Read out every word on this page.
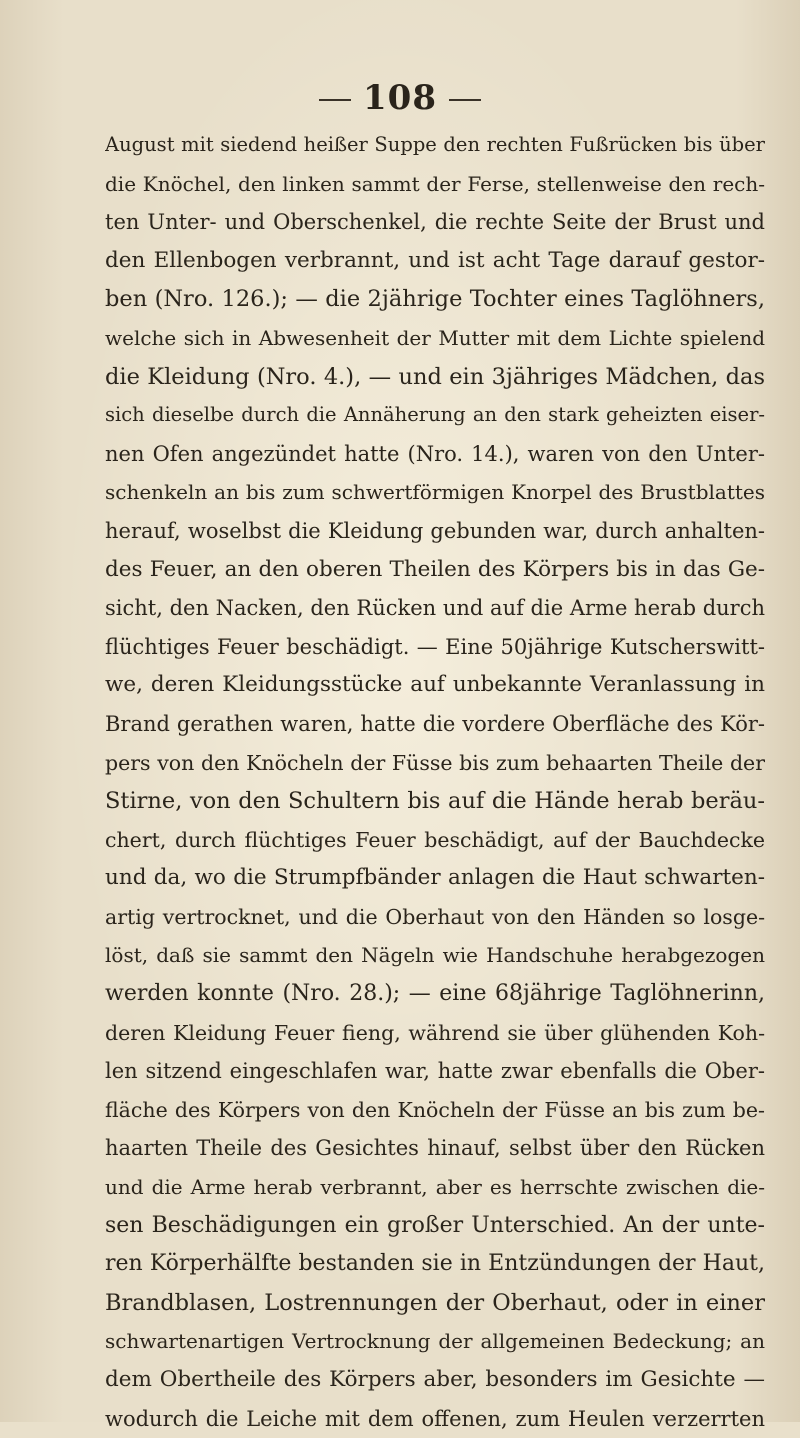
108
August mit siedend heißer Suppe den rechten Fußrücken bis über
die Knöchel, den linken sammt der Ferse, stellenweise den rech-
ten Unter- und Oberschenkel, die rechte Seite der Brust und
den Ellenbogen verbrannt, und ist acht Tage darauf gestor-
ben (Nro. 126.); — die 2jährige Tochter eines Taglöhners,
welche sich in Abwesenheit der Mutter mit dem Lichte spielend
die Kleidung (Nro. 4.), — und ein 3jähriges Mädchen, das
sich dieselbe durch die Annäherung an den stark geheizten eiser-
nen Ofen angezündet hatte (Nro. 14.), waren von den Unter-
schenkeln an bis zum schwertförmigen Knorpel des Brustblattes
herauf, woselbst die Kleidung gebunden war, durch anhalten-
des Feuer, an den oberen Theilen des Körpers bis in das Ge-
sicht, den Nacken, den Rücken und auf die Arme herab durch
flüchtiges Feuer beschädigt. — Eine 50jährige Kutscherswitt-
we, deren Kleidungsstücke auf unbekannte Veranlassung in
Brand gerathen waren, hatte die vordere Oberfläche des Kör-
pers von den Knöcheln der Füsse bis zum behaarten Theile der
Stirne, von den Schultern bis auf die Hände herab beräu-
chert, durch flüchtiges Feuer beschädigt, auf der Bauchdecke
und da, wo die Strumpfbänder anlagen die Haut schwarten-
artig vertrocknet, und die Oberhaut von den Händen so losge-
löst, daß sie sammt den Nägeln wie Handschuhe herabgezogen
werden konnte (Nro. 28.); — eine 68jährige Taglöhnerinn,
deren Kleidung Feuer fieng, während sie über glühenden Koh-
len sitzend eingeschlafen war, hatte zwar ebenfalls die Ober-
fläche des Körpers von den Knöcheln der Füsse an bis zum be-
haarten Theile des Gesichtes hinauf, selbst über den Rücken
und die Arme herab verbrannt, aber es herrschte zwischen die-
sen Beschädigungen ein großer Unterschied. An der unte-
ren Körperhälfte bestanden sie in Entzündungen der Haut,
Brandblasen, Lostrennungen der Oberhaut, oder in einer
schwartenartigen Vertrocknung der allgemeinen Bedeckung; an
dem Obertheile des Körpers aber, besonders im Gesichte —
wodurch die Leiche mit dem offenen, zum Heulen verzerrten
